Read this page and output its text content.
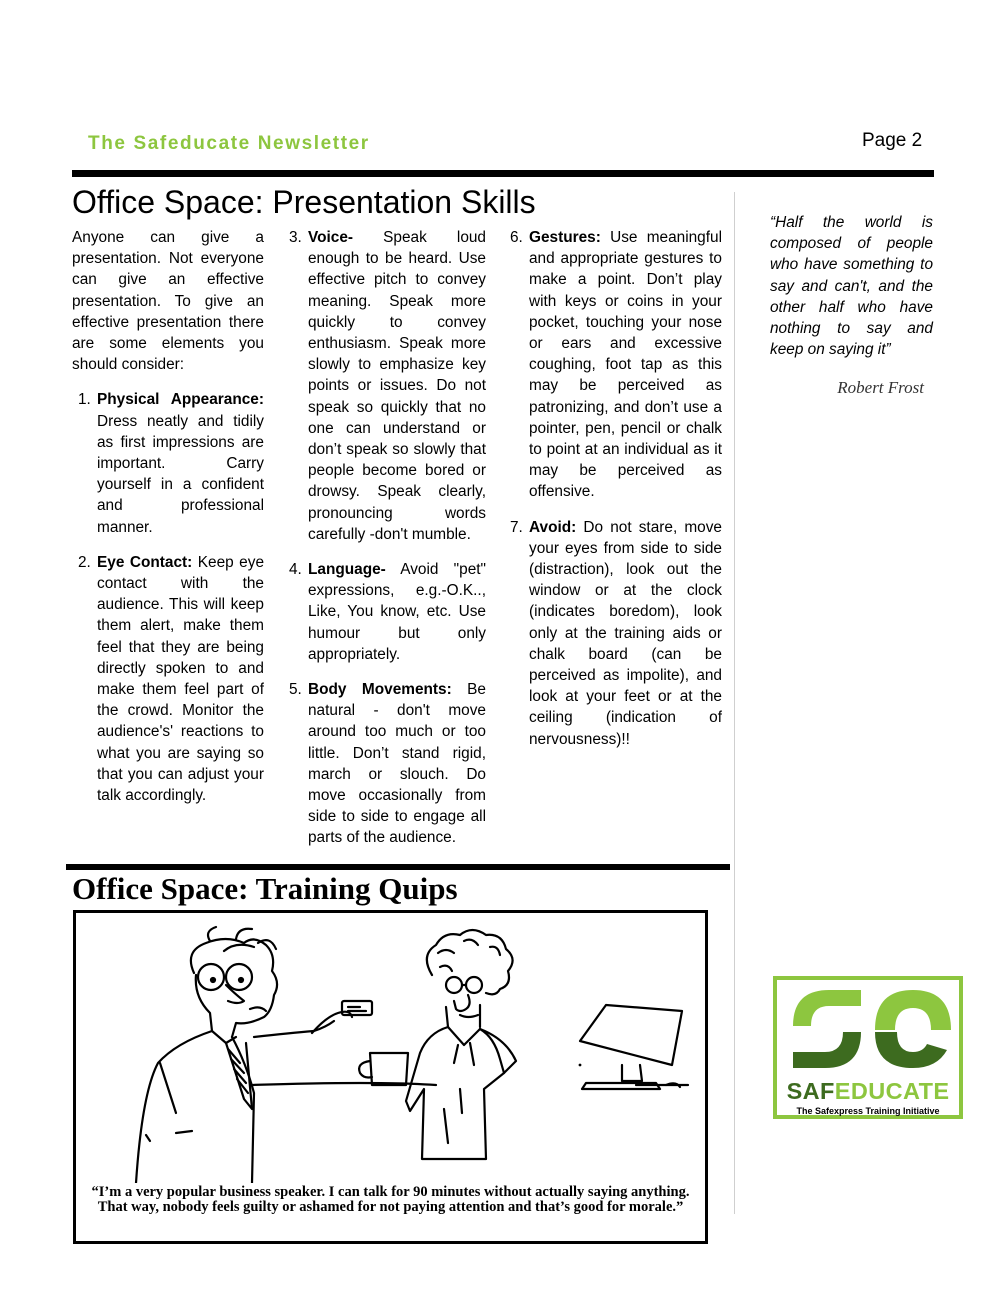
The Safeducate Newsletter	Page 2
Office Space: Presentation Skills

Anyone can give a presentation. Not everyone can give an effective presentation. To give an effective presentation there are some elements you should consider:

1. Physical Appearance: Dress neatly and tidily as first impressions are important. Carry yourself in a confident and professional manner.
2. Eye Contact: Keep eye contact with the audience. This will keep them alert, make them feel that they are being directly spoken to and make them feel part of the crowd. Monitor the audience's' reactions to what you are saying so that you can adjust your talk accordingly.
3. Voice- Speak loud enough to be heard. Use effective pitch to convey meaning. Speak more quickly to convey enthusiasm. Speak more slowly to emphasize key points or issues. Do not speak so quickly that no one can understand or don’t speak so slowly that people become bored or drowsy. Speak clearly, pronouncing words carefully -don't mumble.
4. Language- Avoid "pet" expressions, e.g.-O.K.., Like, You know, etc. Use humour but only appropriately.
5. Body Movements: Be natural - don't move around too much or too little. Don’t stand rigid, march or slouch. Do move occasionally from side to side to engage all parts of the audience.
6. Gestures: Use meaningful and appropriate gestures to make a point. Don’t play with keys or coins in your pocket, touching your nose or ears and excessive coughing, foot tap as this may be perceived as patronizing, and don’t use a pointer, pen, pencil or chalk to point at an individual as it may be perceived as offensive.
7. Avoid: Do not stare, move your eyes from side to side (distraction), look out the window or at the clock (indicates boredom), look only at the training aids or chalk board (can be perceived as impolite), and look at your feet or at the ceiling (indication of nervousness)!!
Office Space: Training Quips
“I’m a very popular business speaker. I can talk for 90 minutes without actually saying anything. That way, nobody feels guilty or ashamed for not paying attention and that’s good for morale.”
“Half the world is composed of people who have something to say and can't, and the other half who have nothing to say and keep on saying it”
Robert Frost
SAFEDUCATE
The Safexpress Training Initiative
